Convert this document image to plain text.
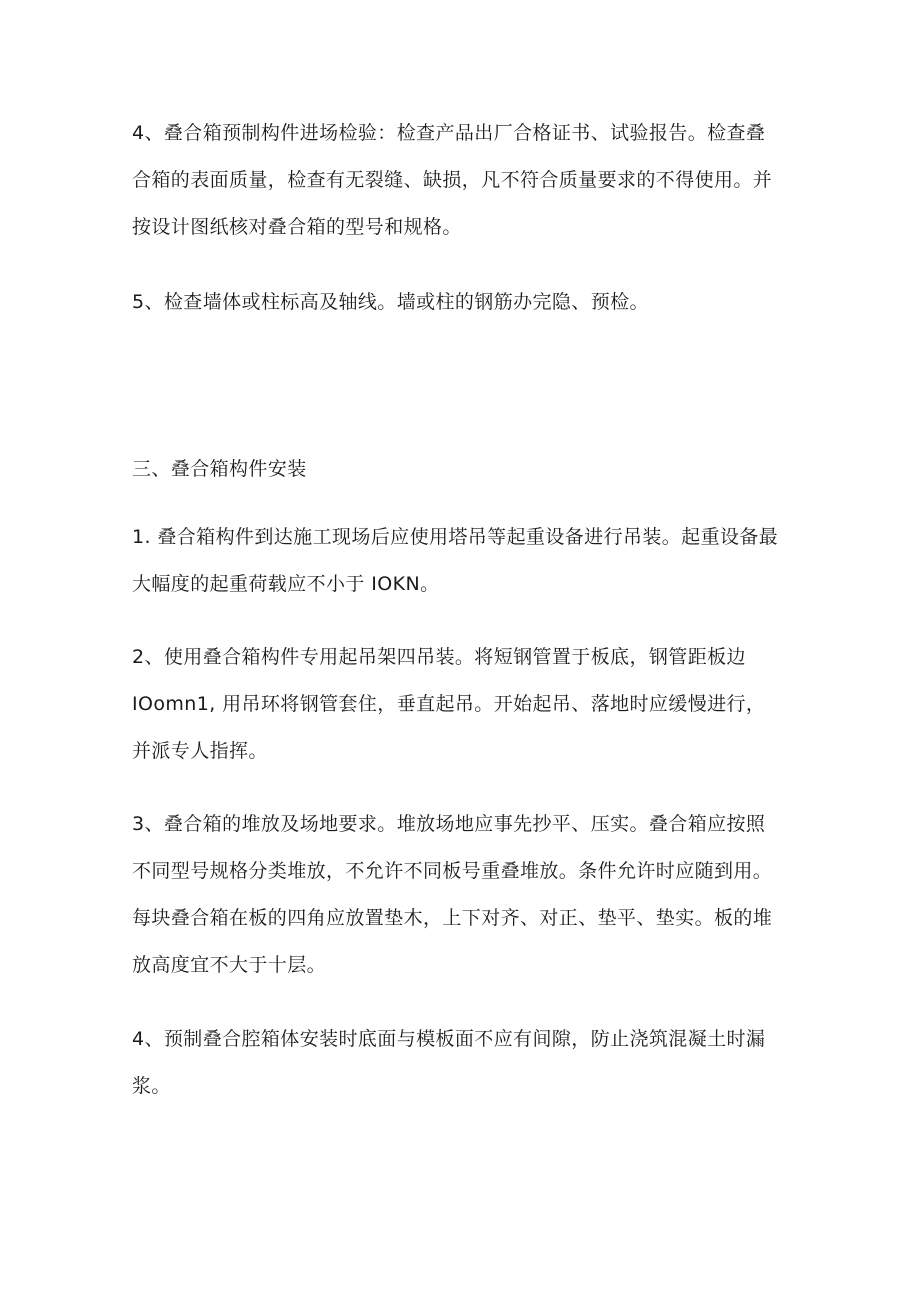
4、叠合箱预制构件进场检验：检查产品出厂合格证书、试验报告。检查叠
合箱的表面质量，检查有无裂缝、缺损，凡不符合质量要求的不得使用。并
按设计图纸核对叠合箱的型号和规格。

5、检查墙体或柱标高及轴线。墙或柱的钢筋办完隐、预检。

三、叠合箱构件安装

1. 叠合箱构件到达施工现场后应使用塔吊等起重设备进行吊装。起重设备最
大幅度的起重荷载应不小于 IOKN。

2、使用叠合箱构件专用起吊架四吊装。将短钢管置于板底，钢管距板边
IOomn1, 用吊环将钢管套住，垂直起吊。开始起吊、落地时应缓慢进行，
并派专人指挥。

3、叠合箱的堆放及场地要求。堆放场地应事先抄平、压实。叠合箱应按照
不同型号规格分类堆放，不允许不同板号重叠堆放。条件允许时应随到用。
每块叠合箱在板的四角应放置垫木，上下对齐、对正、垫平、垫实。板的堆
放高度宜不大于十层。

4、预制叠合腔箱体安装时底面与模板面不应有间隙，防止浇筑混凝土时漏
浆。
